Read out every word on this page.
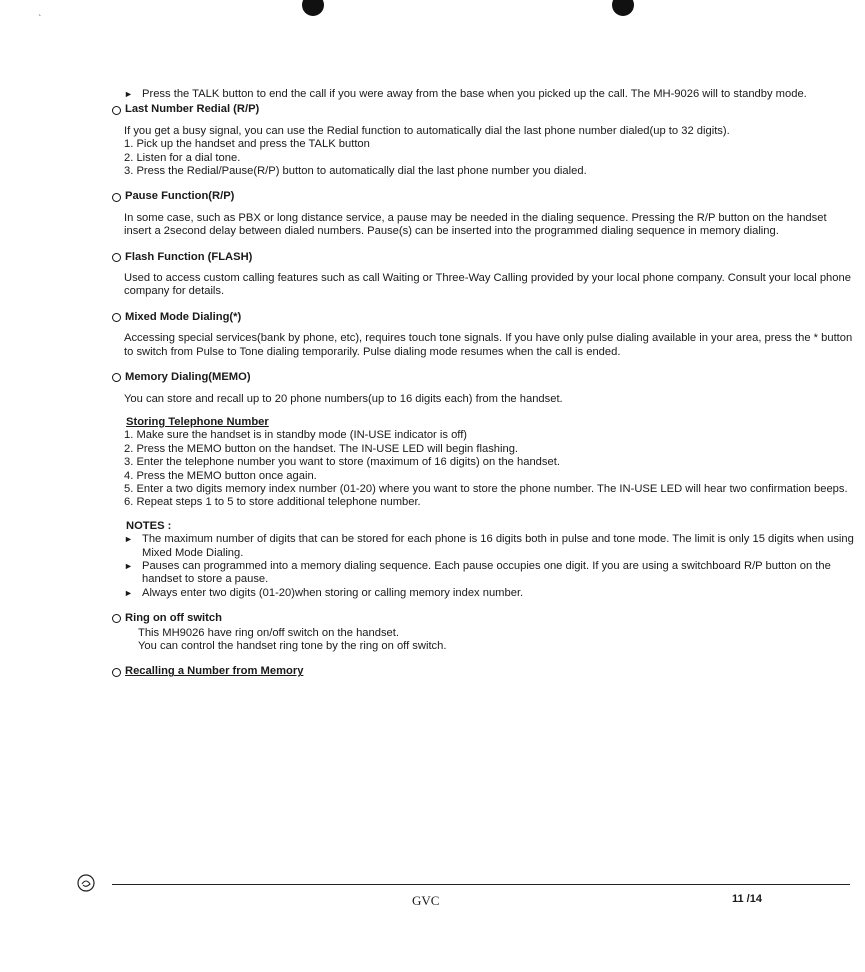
`
► Press the TALK button to end the call if you were away from the base when you picked up the call. The MH-9026 will to standby mode.
Last Number Redial (R/P)
If you get a busy signal, you can use the Redial function to automatically dial the last phone number dialed(up to 32 digits).
1. Pick up the handset and press the TALK button
2. Listen for a dial tone.
3. Press the Redial/Pause(R/P) button to automatically dial the last phone number you dialed.
Pause Function(R/P)
In some case, such as PBX or long distance service, a pause may be needed in the dialing sequence. Pressing the R/P button on the handset insert a 2second delay between dialed numbers. Pause(s) can be inserted into the programmed dialing sequence in memory dialing.
Flash Function (FLASH)
Used to access custom calling features such as call Waiting or Three-Way Calling provided by your local phone company. Consult your local phone company for details.
Mixed Mode Dialing(*)
Accessing special services(bank by phone, etc), requires touch tone signals. If you have only pulse dialing available in your area, press the * button to switch from Pulse to Tone dialing temporarily. Pulse dialing mode resumes when the call is ended.
Memory Dialing(MEMO)
You can store and recall up to 20 phone numbers(up to 16 digits each) from the handset.
Storing Telephone Number
1. Make sure the handset is in standby mode (IN-USE indicator is off)
2. Press the MEMO button on the handset. The IN-USE LED will begin flashing.
3. Enter the telephone number you want to store (maximum of 16 digits) on the handset.
4. Press the MEMO button once again.
5. Enter a two digits memory index number (01-20) where you want to store the phone number. The IN-USE LED will hear two confirmation beeps.
6. Repeat steps 1 to 5 to store additional telephone number.
NOTES :
► The maximum number of digits that can be stored for each phone is 16 digits both in pulse and tone mode. The limit is only 15 digits when using Mixed Mode Dialing.
► Pauses can programmed into a memory dialing sequence. Each pause occupies one digit. If you are using a switchboard R/P button on the handset to store a pause.
► Always enter two digits (01-20)when storing or calling memory index number.
Ring on off switch
This MH9026 have ring on/off switch on the handset.
You can control the handset ring tone by the ring on off switch.
Recalling a Number from Memory
GVC	11 /14
